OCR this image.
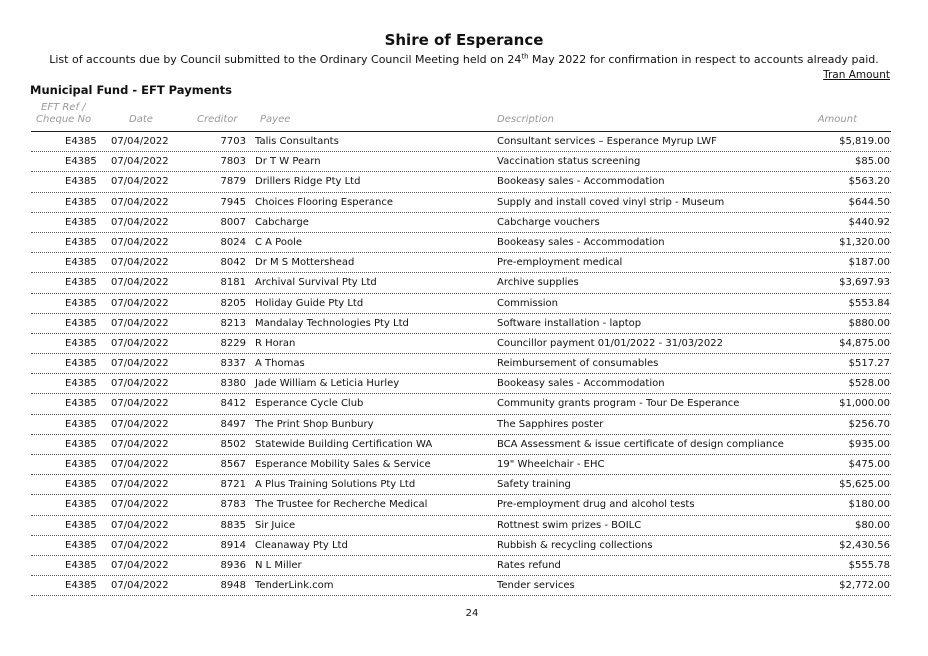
Shire of Esperance
List of accounts due by Council submitted to the Ordinary Council Meeting held on 24th May 2022 for confirmation in respect to accounts already paid.
Tran Amount
Municipal Fund - EFT Payments
EFT Ref /
Cheque No	Date	Creditor Payee	Description	Amount
E4385 07/04/2022	7703 Talis Consultants	Consultant services – Esperance Myrup LWF	$5,819.00
E4385 07/04/2022	7803 Dr T W Pearn	Vaccination status screening	$85.00
E4385 07/04/2022	7879 Drillers Ridge Pty Ltd	Bookeasy sales - Accommodation	$563.20
E4385 07/04/2022	7945 Choices Flooring Esperance	Supply and install coved vinyl strip - Museum	$644.50
E4385 07/04/2022	8007 Cabcharge	Cabcharge vouchers	$440.92
E4385 07/04/2022	8024 C A Poole	Bookeasy sales - Accommodation	$1,320.00
E4385 07/04/2022	8042 Dr M S Mottershead	Pre-employment medical	$187.00
E4385 07/04/2022	8181 Archival Survival Pty Ltd	Archive supplies	$3,697.93
E4385 07/04/2022	8205 Holiday Guide Pty Ltd	Commission	$553.84
E4385 07/04/2022	8213 Mandalay Technologies Pty Ltd	Software installation - laptop	$880.00
E4385 07/04/2022	8229 R Horan	Councillor payment 01/01/2022 - 31/03/2022	$4,875.00
E4385 07/04/2022	8337 A Thomas	Reimbursement of consumables	$517.27
E4385 07/04/2022	8380 Jade William & Leticia Hurley	Bookeasy sales - Accommodation	$528.00
E4385 07/04/2022	8412 Esperance Cycle Club	Community grants program - Tour De Esperance	$1,000.00
E4385 07/04/2022	8497 The Print Shop Bunbury	The Sapphires poster	$256.70
E4385 07/04/2022	8502 Statewide Building Certification WA	BCA Assessment & issue certificate of design compliance	$935.00
E4385 07/04/2022	8567 Esperance Mobility Sales & Service	19" Wheelchair - EHC	$475.00
E4385 07/04/2022	8721 A Plus Training Solutions Pty Ltd	Safety training	$5,625.00
E4385 07/04/2022	8783 The Trustee for Recherche Medical	Pre-employment drug and alcohol tests	$180.00
E4385 07/04/2022	8835 Sir Juice	Rottnest swim prizes - BOILC	$80.00
E4385 07/04/2022	8914 Cleanaway Pty Ltd	Rubbish & recycling collections	$2,430.56
E4385 07/04/2022	8936 N L Miller	Rates refund	$555.78
E4385 07/04/2022	8948 TenderLink.com	Tender services	$2,772.00
24
